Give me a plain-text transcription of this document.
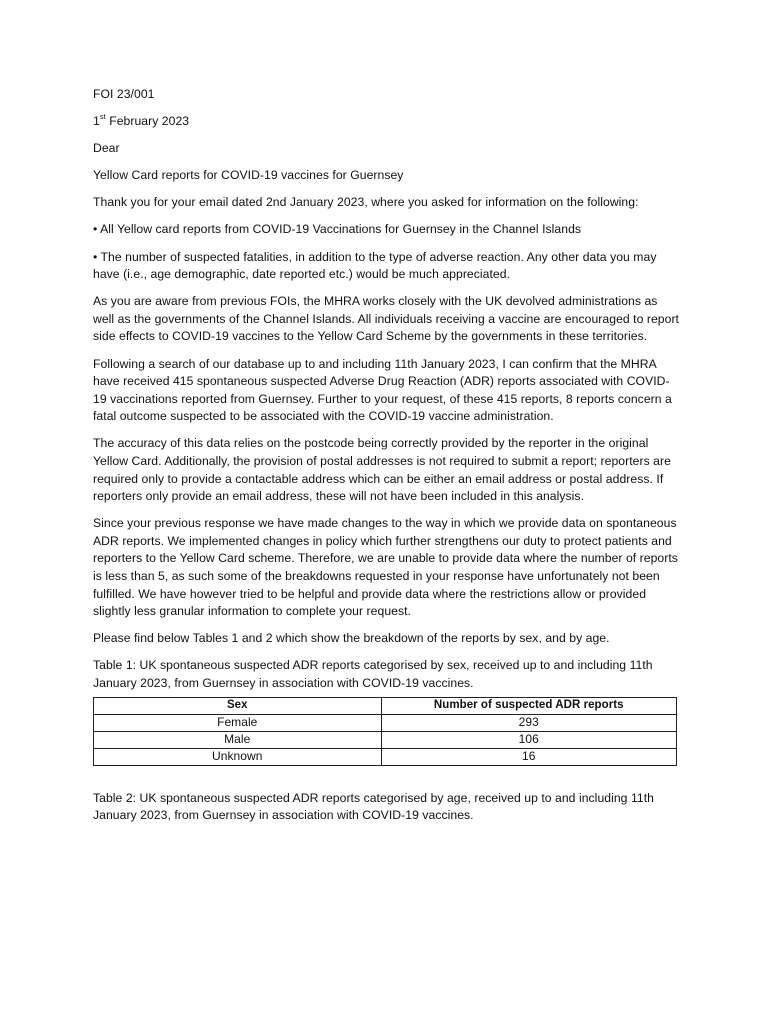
FOI 23/001

1st February 2023

Dear

Yellow Card reports for COVID-19 vaccines for Guernsey

Thank you for your email dated 2nd January 2023, where you asked for information on the following:

• All Yellow card reports from COVID-19 Vaccinations for Guernsey in the Channel Islands

• The number of suspected fatalities, in addition to the type of adverse reaction. Any other data you may have (i.e., age demographic, date reported etc.) would be much appreciated.

As you are aware from previous FOIs, the MHRA works closely with the UK devolved administrations as well as the governments of the Channel Islands. All individuals receiving a vaccine are encouraged to report side effects to COVID-19 vaccines to the Yellow Card Scheme by the governments in these territories.

Following a search of our database up to and including 11th January 2023, I can confirm that the MHRA have received 415 spontaneous suspected Adverse Drug Reaction (ADR) reports associated with COVID-19 vaccinations reported from Guernsey. Further to your request, of these 415 reports, 8 reports concern a fatal outcome suspected to be associated with the COVID-19 vaccine administration.

The accuracy of this data relies on the postcode being correctly provided by the reporter in the original Yellow Card. Additionally, the provision of postal addresses is not required to submit a report; reporters are required only to provide a contactable address which can be either an email address or postal address. If reporters only provide an email address, these will not have been included in this analysis.

Since your previous response we have made changes to the way in which we provide data on spontaneous ADR reports. We implemented changes in policy which further strengthens our duty to protect patients and reporters to the Yellow Card scheme. Therefore, we are unable to provide data where the number of reports is less than 5, as such some of the breakdowns requested in your response have unfortunately not been fulfilled. We have however tried to be helpful and provide data where the restrictions allow or provided slightly less granular information to complete your request.

Please find below Tables 1 and 2 which show the breakdown of the reports by sex, and by age.

Table 1: UK spontaneous suspected ADR reports categorised by sex, received up to and including 11th January 2023, from Guernsey in association with COVID-19 vaccines.

Sex	Number of suspected ADR reports
Female	293
Male	106
Unknown	16

Table 2: UK spontaneous suspected ADR reports categorised by age, received up to and including 11th January 2023, from Guernsey in association with COVID-19 vaccines.
